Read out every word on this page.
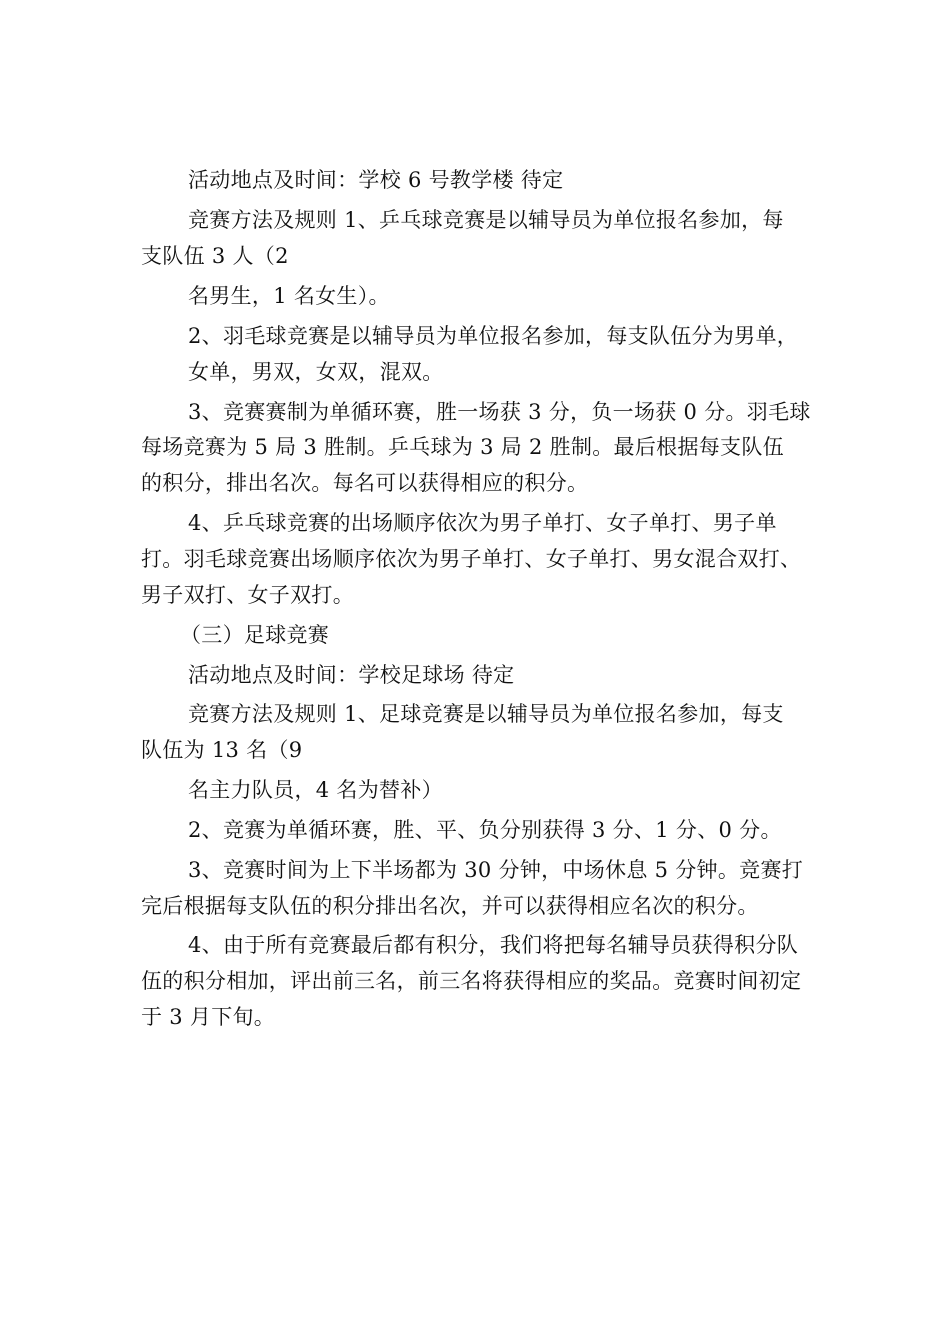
活动地点及时间：学校 6 号教学楼 待定

竞赛方法及规则 1、乒乓球竞赛是以辅导员为单位报名参加，每

支队伍 3 人（2

名男生，1 名女生）。

2、羽毛球竞赛是以辅导员为单位报名参加，每支队伍分为男单，

女单，男双，女双，混双。

3、竞赛赛制为单循环赛，胜一场获 3 分，负一场获 0 分。羽毛球

每场竞赛为 5 局 3 胜制。乒乓球为 3 局 2 胜制。最后根据每支队伍

的积分，排出名次。每名可以获得相应的积分。

4、乒乓球竞赛的出场顺序依次为男子单打、女子单打、男子单

打。羽毛球竞赛出场顺序依次为男子单打、女子单打、男女混合双打、

男子双打、女子双打。

（三）足球竞赛

活动地点及时间：学校足球场 待定

竞赛方法及规则 1、足球竞赛是以辅导员为单位报名参加，每支

队伍为 13 名（9

名主力队员，4 名为替补）

2、竞赛为单循环赛，胜、平、负分别获得 3 分、1 分、0 分。

3、竞赛时间为上下半场都为 30 分钟，中场休息 5 分钟。竞赛打

完后根据每支队伍的积分排出名次，并可以获得相应名次的积分。

4、由于所有竞赛最后都有积分，我们将把每名辅导员获得积分队

伍的积分相加，评出前三名，前三名将获得相应的奖品。竞赛时间初定

于 3 月下旬。
